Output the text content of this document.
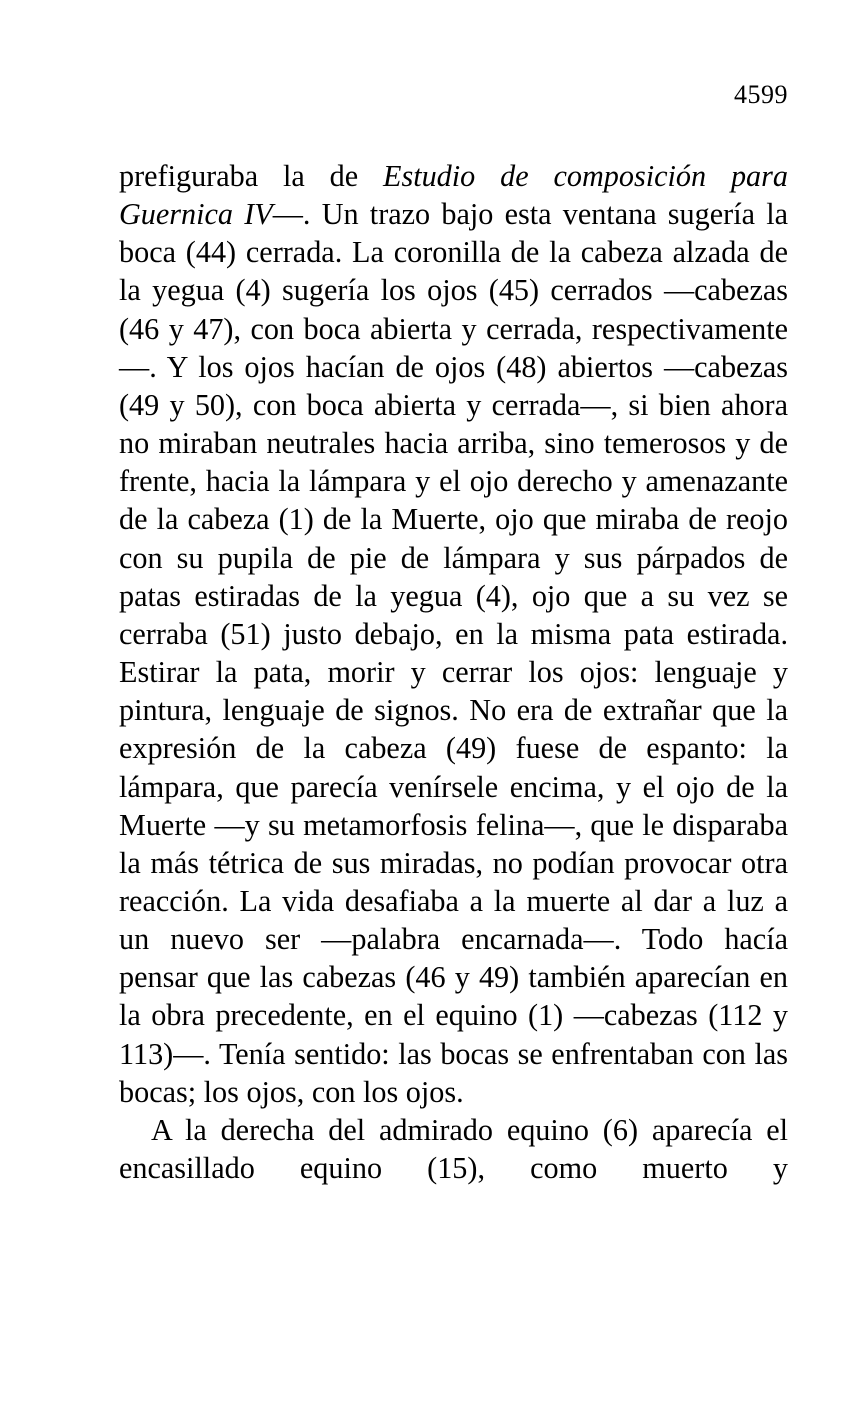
4599

prefiguraba la de Estudio de composición para Guernica IV—. Un trazo bajo esta ventana sugería la boca (44) cerrada. La coronilla de la cabeza alzada de la yegua (4) sugería los ojos (45) cerrados —cabezas (46 y 47), con boca abierta y cerrada, respectivamente—. Y los ojos hacían de ojos (48) abiertos —cabezas (49 y 50), con boca abierta y cerrada—, si bien ahora no miraban neutrales hacia arriba, sino temerosos y de frente, hacia la lámpara y el ojo derecho y amenazante de la cabeza (1) de la Muerte, ojo que miraba de reojo con su pupila de pie de lámpara y sus párpados de patas estiradas de la yegua (4), ojo que a su vez se cerraba (51) justo debajo, en la misma pata estirada. Estirar la pata, morir y cerrar los ojos: lenguaje y pintura, lenguaje de signos. No era de extrañar que la expresión de la cabeza (49) fuese de espanto: la lámpara, que parecía venírsele encima, y el ojo de la Muerte —y su metamorfosis felina—, que le disparaba la más tétrica de sus miradas, no podían provocar otra reacción. La vida desafiaba a la muerte al dar a luz a un nuevo ser —palabra encarnada—. Todo hacía pensar que las cabezas (46 y 49) también aparecían en la obra precedente, en el equino (1) —cabezas (112 y 113)—. Tenía sentido: las bocas se enfrentaban con las bocas; los ojos, con los ojos.

A la derecha del admirado equino (6) aparecía el encasillado equino (15), como muerto y
